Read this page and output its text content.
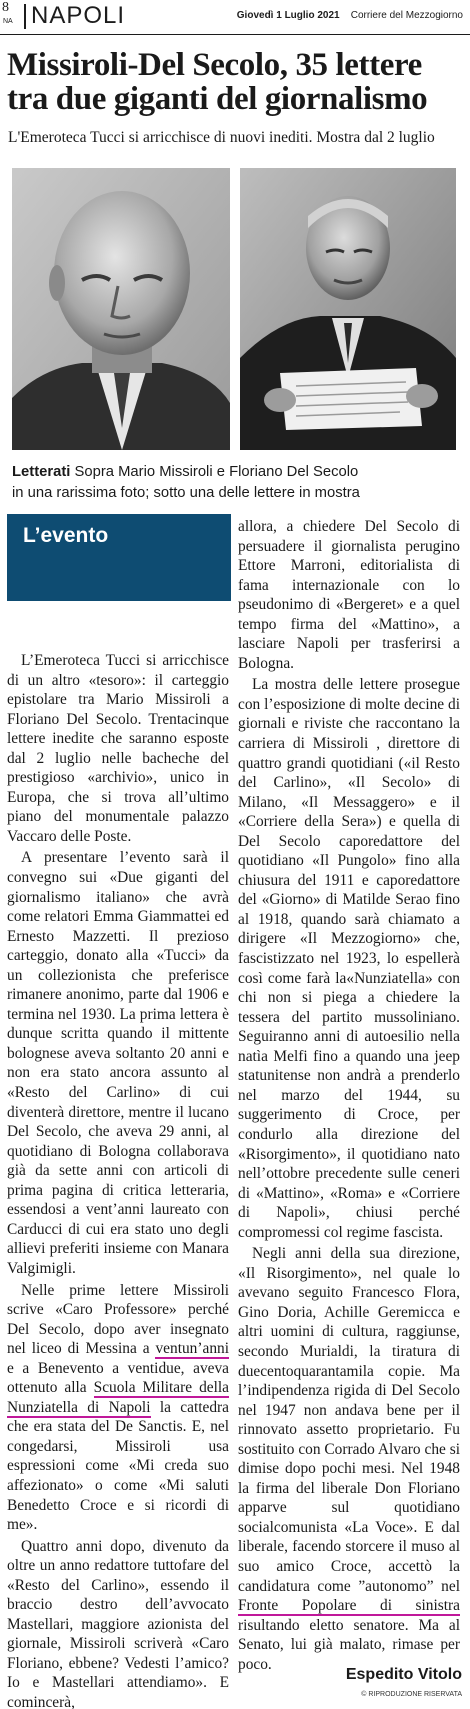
8
NA NAPOLI	Giovedì 1 Luglio 2021 Corriere del Mezzogiorno
Missiroli-Del Secolo, 35 lettere
tra due giganti del giornalismo
L'Emeroteca Tucci si arricchisce di nuovi inediti. Mostra dal 2 luglio
Letterati Sopra Mario Missiroli e Floriano Del Secolo
in una rarissima foto; sotto una delle lettere in mostra
L’evento

L’Emeroteca Tucci si arricchisce di un altro «tesoro»: il carteggio epistolare tra Mario Missiroli a Floriano Del Secolo. Trentacinque lettere inedite che saranno esposte dal 2 luglio nelle bacheche del prestigioso «archivio», unico in Europa, che si trova all’ultimo piano del monumentale palazzo Vaccaro delle Poste.

A presentare l’evento sarà il convegno sui «Due giganti del giornalismo italiano» che avrà come relatori Emma Giammattei ed Ernesto Mazzetti. Il prezioso carteggio, donato alla «Tucci» da un collezionista che preferisce rimanere anonimo, parte dal 1906 e termina nel 1930. La prima lettera è dunque scritta quando il mittente bolognese aveva soltanto 20 anni e non era stato ancora assunto al «Resto del Carlino» di cui diventerà direttore, mentre il lucano Del Secolo, che aveva 29 anni, al quotidiano di Bologna collaborava già da sette anni con articoli di prima pagina di critica letteraria, essendosi a vent’anni laureato con Carducci di cui era stato uno degli allievi preferiti insieme con Manara Valgimigli.

Nelle prime lettere Missiroli scrive «Caro Professore» perché Del Secolo, dopo aver insegnato nel liceo di Messina a ventun’anni e a Benevento a ventidue, aveva ottenuto alla Scuola Militare della Nunziatella di Napoli la cattedra che era stata del De Sanctis. E, nel congedarsi, Missiroli usa espressioni come «Mi creda suo affezionato» o come «Mi saluti Benedetto Croce e si ricordi di me».

Quattro anni dopo, divenuto da oltre un anno redattore tuttofare del «Resto del Carlino», essendo il braccio destro dell’avvocato Mastellari, maggiore azionista del giornale, Missiroli scriverà «Caro Floriano, ebbene? Vedesti l’amico? Io e Mastellari attendiamo». E comincerà,

allora, a chiedere Del Secolo di persuadere il giornalista perugino Ettore Marroni, editorialista di fama internazionale con lo pseudonimo di «Bergeret» e a quel tempo firma del «Mattino», a lasciare Napoli per trasferirsi a Bologna.

La mostra delle lettere prosegue con l’esposizione di molte decine di giornali e riviste che raccontano la carriera di Missiroli , direttore di quattro grandi quotidiani («il Resto del Carlino», «Il Secolo» di Milano, «Il Messaggero» e il «Corriere della Sera») e quella di Del Secolo caporedattore del quotidiano «Il Pungolo» fino alla chiusura del 1911 e caporedattore del «Giorno» di Matilde Serao fino al 1918, quando sarà chiamato a dirigere «Il Mezzogiorno» che, fascistizzato nel 1923, lo espellerà così come farà la«Nunziatella» con chi non si piega a chiedere la tessera del partito mussoliniano. Seguiranno anni di autoesilio nella natìa Melfi fino a quando una jeep statunitense non andrà a prenderlo nel marzo del 1944, su suggerimento di Croce, per condurlo alla direzione del «Risorgimento», il quotidiano nato nell’ottobre precedente sulle ceneri di «Mattino», «Roma» e «Corriere di Napoli», chiusi perché compromessi col regime fascista.

Negli anni della sua direzione, «Il Risorgimento», nel quale lo avevano seguito Francesco Flora, Gino Doria, Achille Geremicca e altri uomini di cultura, raggiunse, secondo Murialdi, la tiratura di duecentoquarantamila copie. Ma l’indipendenza rigida di Del Secolo nel 1947 non andava bene per il rinnovato assetto proprietario. Fu sostituito con Corrado Alvaro che si dimise dopo pochi mesi. Nel 1948 la firma del liberale Don Floriano apparve sul quotidiano socialcomunista «La Voce». E dal liberale, facendo storcere il muso al suo amico Croce, accettò la candidatura come ”autonomo” nel Fronte Popolare di sinistra risultando eletto senatore. Ma al Senato, lui già malato, rimase per poco.

Espedito Vitolo
© RIPRODUZIONE RISERVATA
